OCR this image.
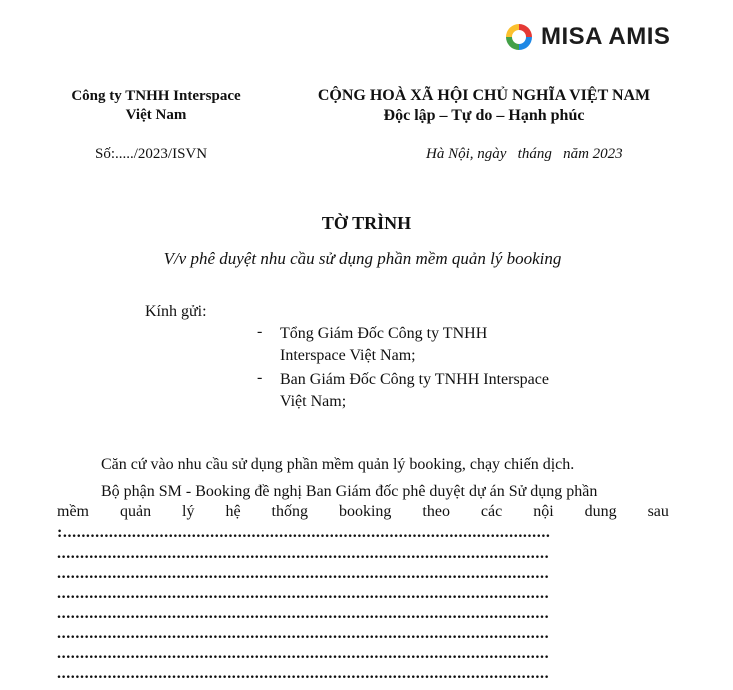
MISA AMIS
Công ty TNHH Interspace
Việt Nam
CỘNG HOÀ XÃ HỘI CHỦ NGHĨA VIỆT NAM
Độc lập – Tự do – Hạnh phúc
Số:...../2023/ISVN	Hà Nội, ngày   tháng   năm 2023
TỜ TRÌNH
V/v phê duyệt nhu cầu sử dụng phần mềm quản lý booking
Kính gửi:
- Tổng Giám Đốc Công ty TNHH
Interspace Việt Nam;
- Ban Giám Đốc Công ty TNHH Interspace
Việt Nam;
Căn cứ vào nhu cầu sử dụng phần mềm quản lý booking, chạy chiến dịch.
Bộ phận SM - Booking đề nghị Ban Giám đốc phê duyệt dự án Sử dụng phần
mềm quản lý hệ thống booking theo các nội dung sau
:..........................................................................................................
...........................................................................................................
...........................................................................................................
...........................................................................................................
...........................................................................................................
...........................................................................................................
...........................................................................................................
...........................................................................................................
